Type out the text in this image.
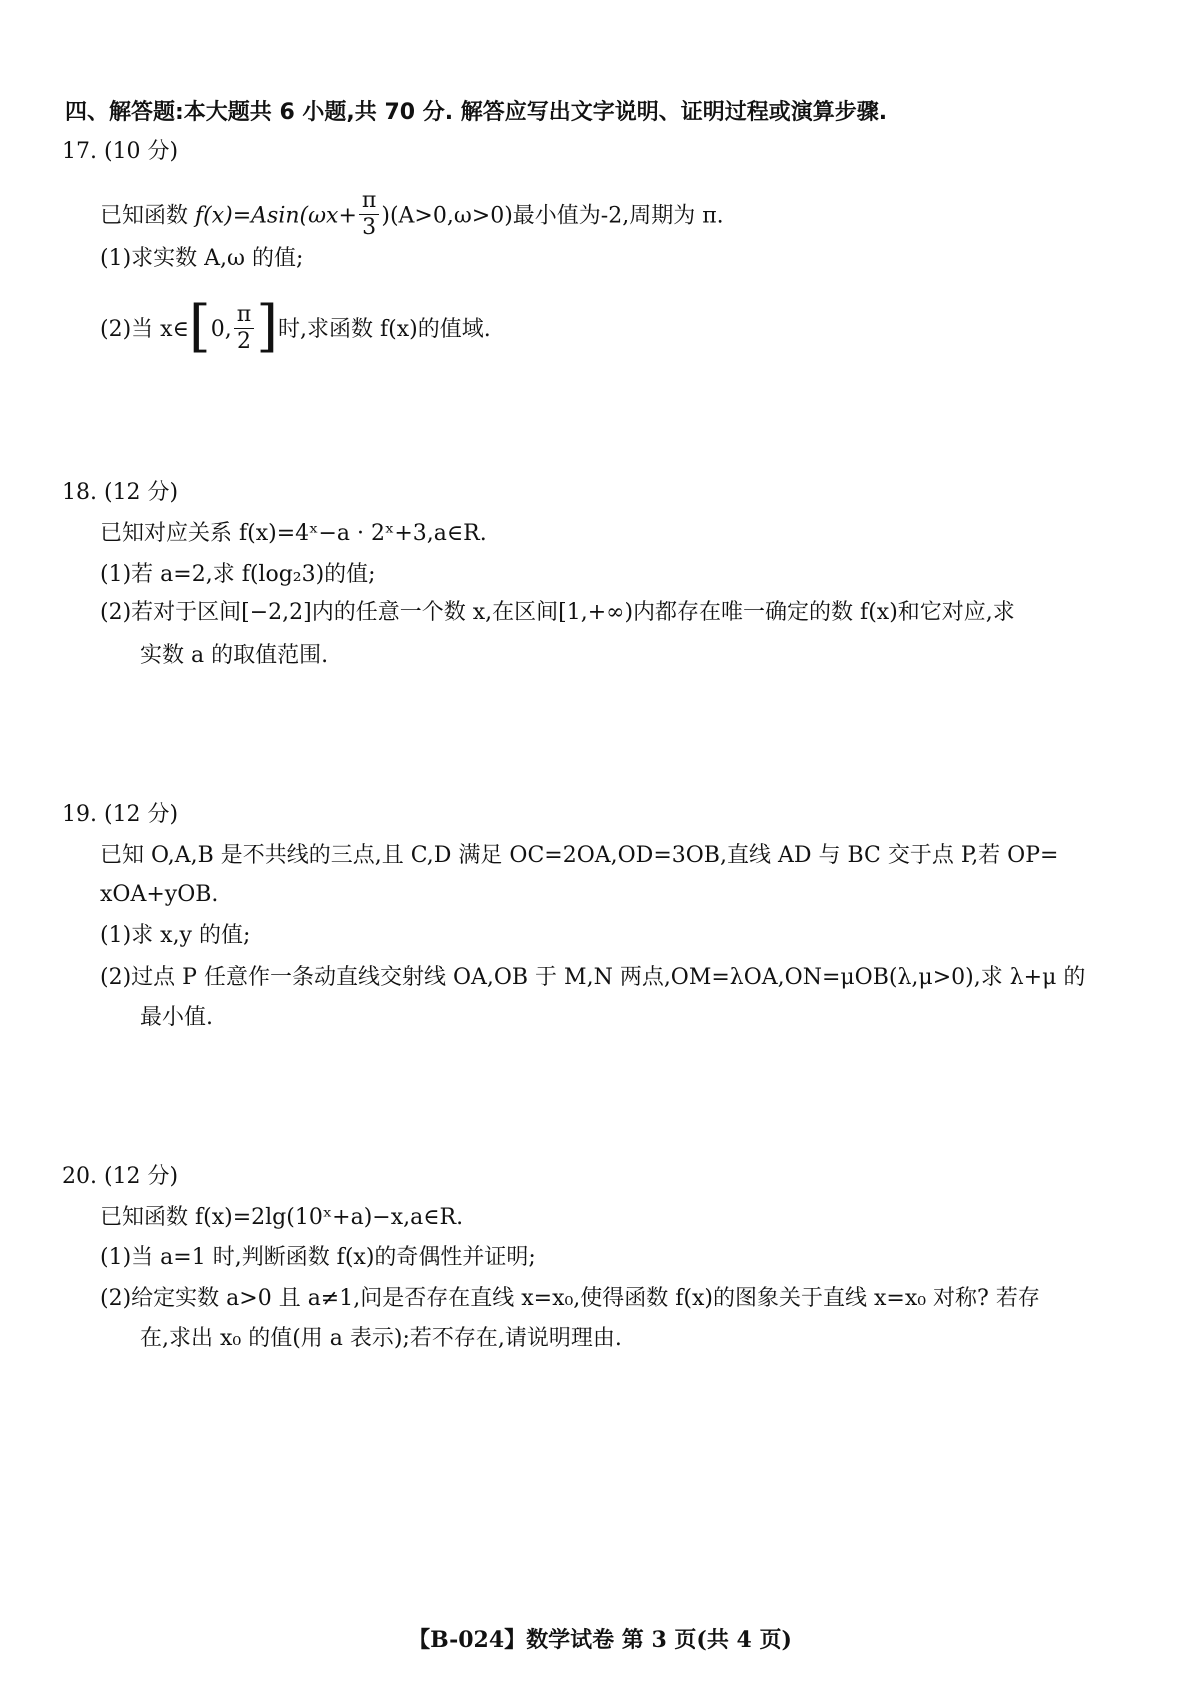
四、解答题:本大题共 6 小题,共 70 分. 解答应写出文字说明、证明过程或演算步骤.
17. (10 分)
已知函数 $f(x)=Asin(\omega x+ \frac{\pi}{3} )(A>0,\omega>0)$最小值为-2,周期为 π.
(1)求实数 A,ω 的值;
(2)当 x∈[0, $\frac{\pi}{2}$ ]时,求函数 f(x)的值域.
18. (12 分)
已知对应关系 f(x)=4ˣ−a · 2ˣ+3,a∈R.
(1)若 a=2,求 f(log₂3)的值;
(2)若对于区间[−2,2]内的任意一个数 x,在区间[1,+∞)内都存在唯一确定的数 f(x)和它对应,求
实数 a 的取值范围.
19. (12 分)
已知 O,A,B 是不共线的三点,且 C,D 满足 OC=2OA,OD=3OB,直线 AD 与 BC 交于点 P,若 OP=
xOA+yOB.
(1)求 x,y 的值;
(2)过点 P 任意作一条动直线交射线 OA,OB 于 M,N 两点,OM=λOA,ON=μOB(λ,μ>0),求 λ+μ 的
最小值.
20. (12 分)
已知函数 f(x)=2lg(10ˣ+a)−x,a∈R.
(1)当 a=1 时,判断函数 f(x)的奇偶性并证明;
(2)给定实数 a>0 且 a≠1,问是否存在直线 x=x₀,使得函数 f(x)的图象关于直线 x=x₀ 对称? 若存
在,求出 x₀ 的值(用 a 表示);若不存在,请说明理由.
【B-024】数学试卷 第 3 页(共 4 页)
